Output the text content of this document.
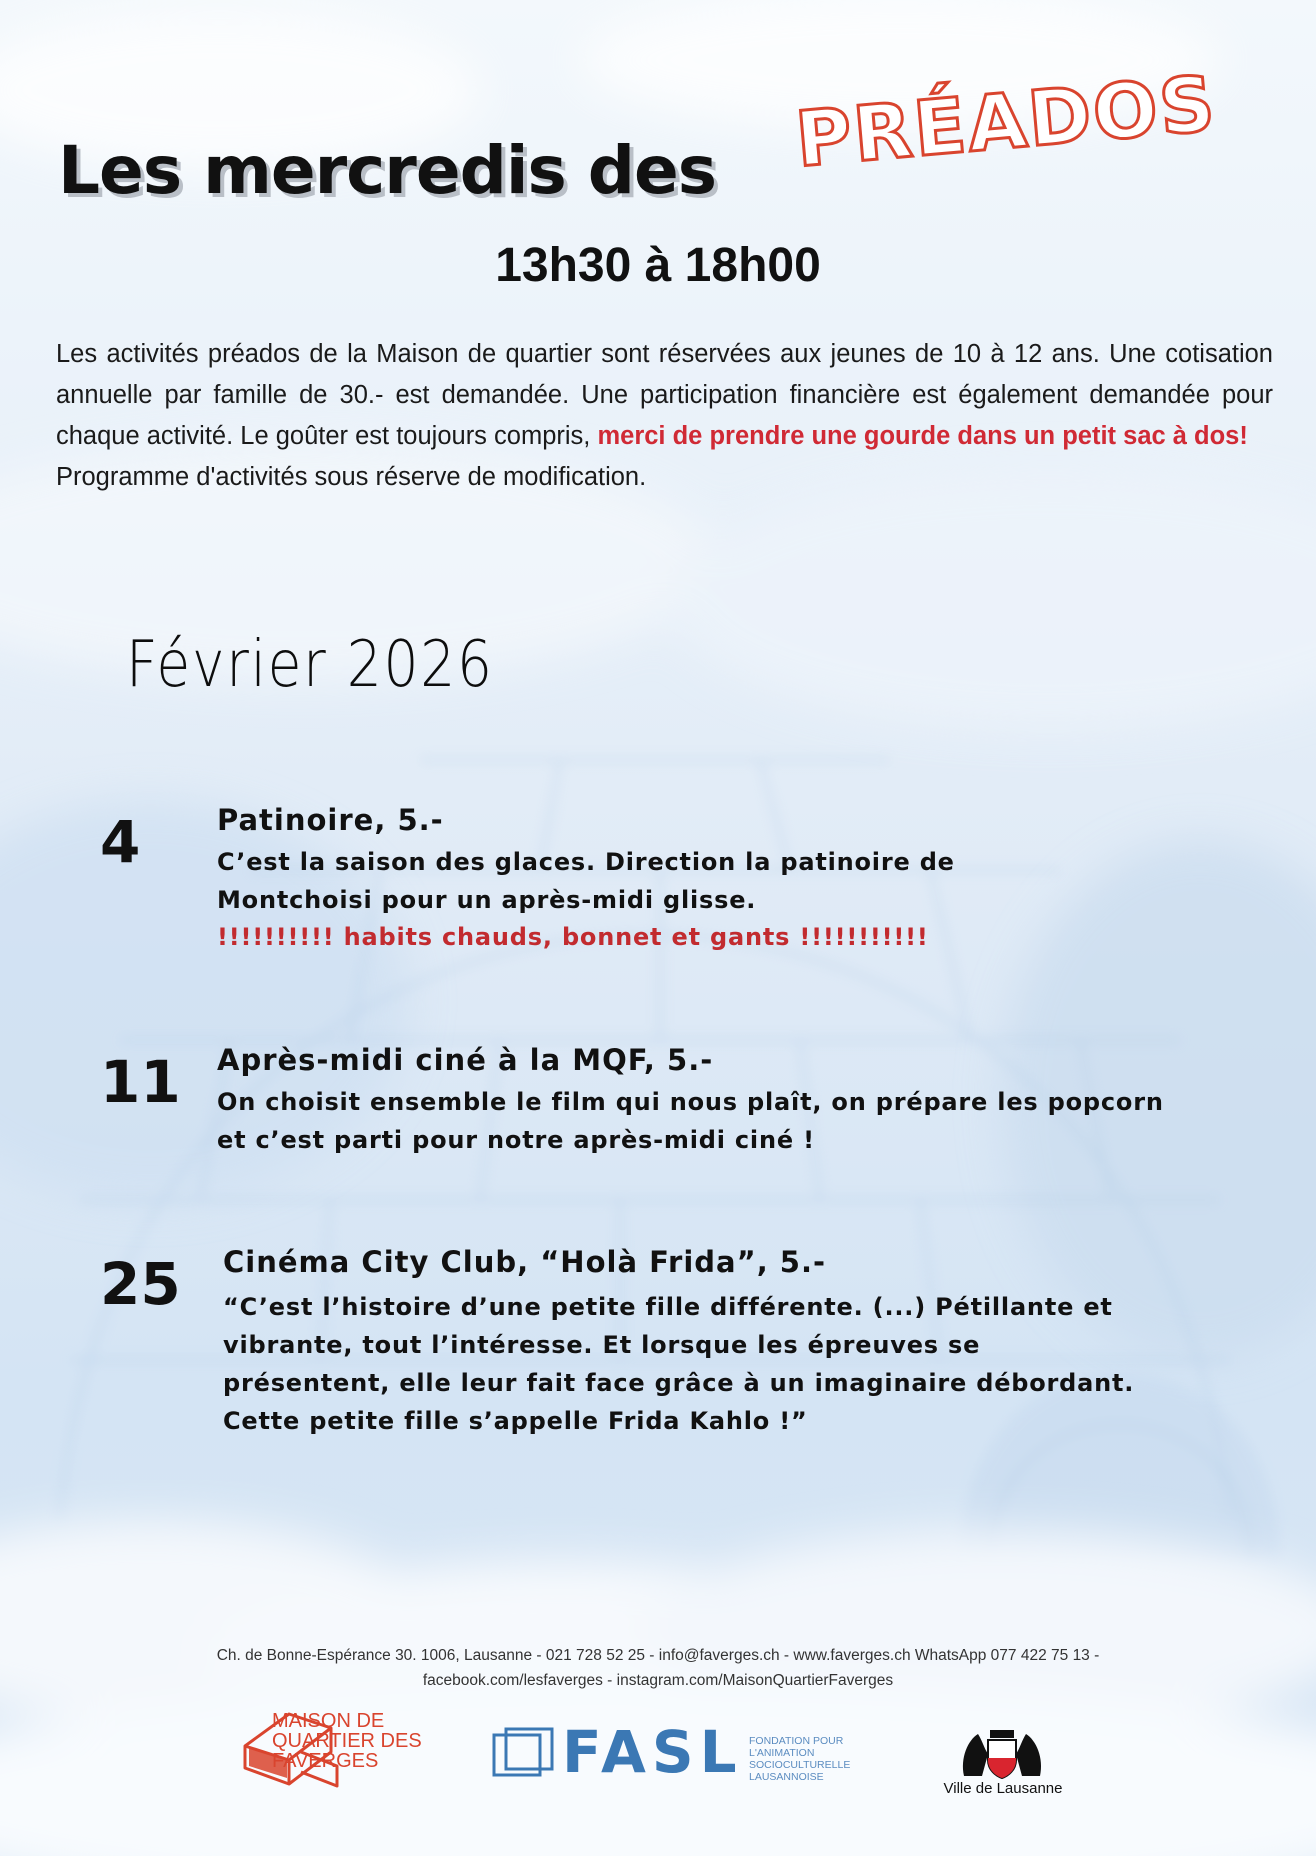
Les mercredis des PRÉADOS
13h30 à 18h00

Les activités préados de la Maison de quartier sont réservées aux jeunes de 10 à 12 ans. Une cotisation annuelle par famille de 30.- est demandée. Une participation financière est également demandée pour chaque activité. Le goûter est toujours compris, merci de prendre une gourde dans un petit sac à dos!
Programme d'activités sous réserve de modification.

Février 2026
4	Patinoire, 5.-

C’est la saison des glaces. Direction la patinoire de Montchoisi pour un après-midi glisse.

!!!!!!!!!! habits chauds, bonnet et gants !!!!!!!!!!!
11 Après-midi ciné à la MQF, 5.-

On choisit ensemble le film qui nous plaît, on prépare les popcorn et c’est parti pour notre après-midi ciné !

25 Cinéma City Club, “Holà Frida”, 5.-

“C’est l’histoire d’une petite fille différente. (...) Pétillante et vibrante, tout l’intéresse. Et lorsque les épreuves se présentent, elle leur fait face grâce à un imaginaire débordant. Cette petite fille s’appelle Frida Kahlo !”

Ch. de Bonne-Espérance 30. 1006, Lausanne - 021 728 52 25 - info@faverges.ch - www.faverges.ch WhatsApp 077 422 75 13 -
facebook.com/lesfaverges - instagram.com/MaisonQuartierFaverges

MAISON DE QUARTIER DES FAVERGES	FASL FONDATION POUR L'ANIMATION SOCIOCULTURELLE LAUSANNOISE

Ville de Lausanne
